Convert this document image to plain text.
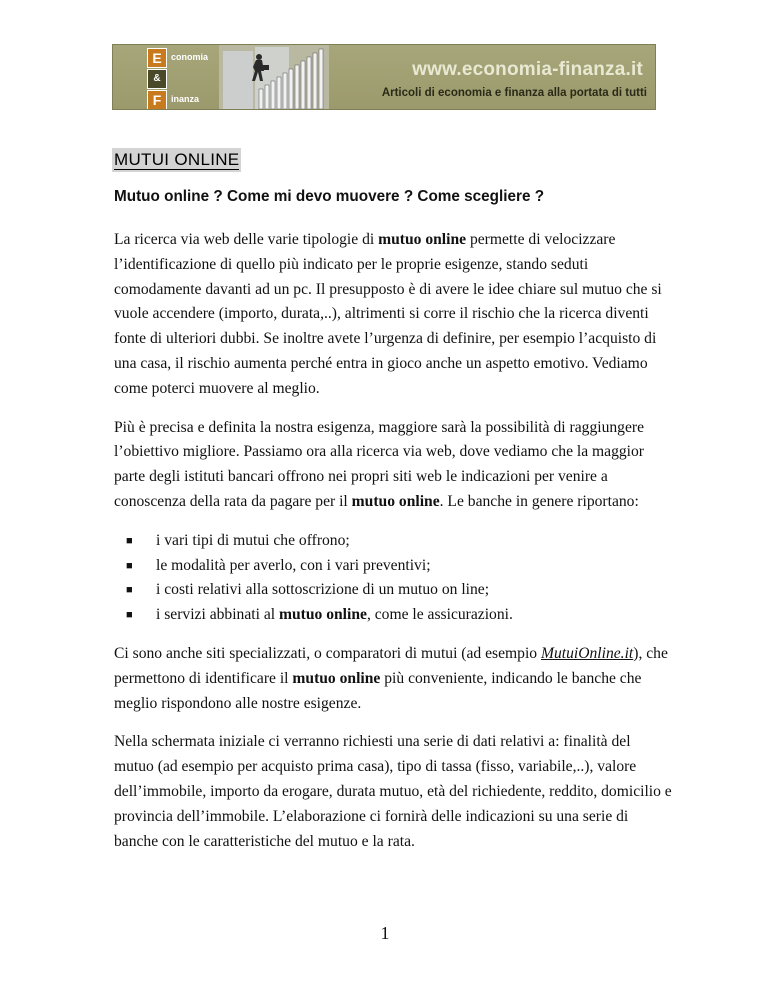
E
&
F
conomia
inanza
www.economia-finanza.it
Articoli di economia e finanza alla portata di tutti
MUTUI ONLINE
Mutuo online ? Come mi devo muovere ? Come scegliere ?

La ricerca via web delle varie tipologie di mutuo online permette di velocizzare l’identificazione di quello più indicato per le proprie esigenze, stando seduti comodamente davanti ad un pc. Il presupposto è di avere le idee chiare sul mutuo che si vuole accendere (importo, durata,..), altrimenti si corre il rischio che la ricerca diventi fonte di ulteriori dubbi. Se inoltre avete l’urgenza di definire, per esempio l’acquisto di una casa, il rischio aumenta perché entra in gioco anche un aspetto emotivo. Vediamo come poterci muovere al meglio.

Più è precisa e definita la nostra esigenza, maggiore sarà la possibilità di raggiungere l’obiettivo migliore. Passiamo ora alla ricerca via web, dove vediamo che la maggior parte degli istituti bancari offrono nei propri siti web le indicazioni per venire a conoscenza della rata da pagare per il mutuo online. Le banche in genere riportano:

■ i vari tipi di mutui che offrono;
■ le modalità per averlo, con i vari preventivi;
■ i costi relativi alla sottoscrizione di un mutuo on line;
■ i servizi abbinati al mutuo online, come le assicurazioni.

Ci sono anche siti specializzati, o comparatori di mutui (ad esempio MutuiOnline.it), che permettono di identificare il mutuo online più conveniente, indicando le banche che meglio rispondono alle nostre esigenze.

Nella schermata iniziale ci verranno richiesti una serie di dati relativi a: finalità del mutuo (ad esempio per acquisto prima casa), tipo di tassa (fisso, variabile,..), valore dell’immobile, importo da erogare, durata mutuo, età del richiedente, reddito, domicilio e provincia dell’immobile. L’elaborazione ci fornirà delle indicazioni su una serie di banche con le caratteristiche del mutuo e la rata.

1
